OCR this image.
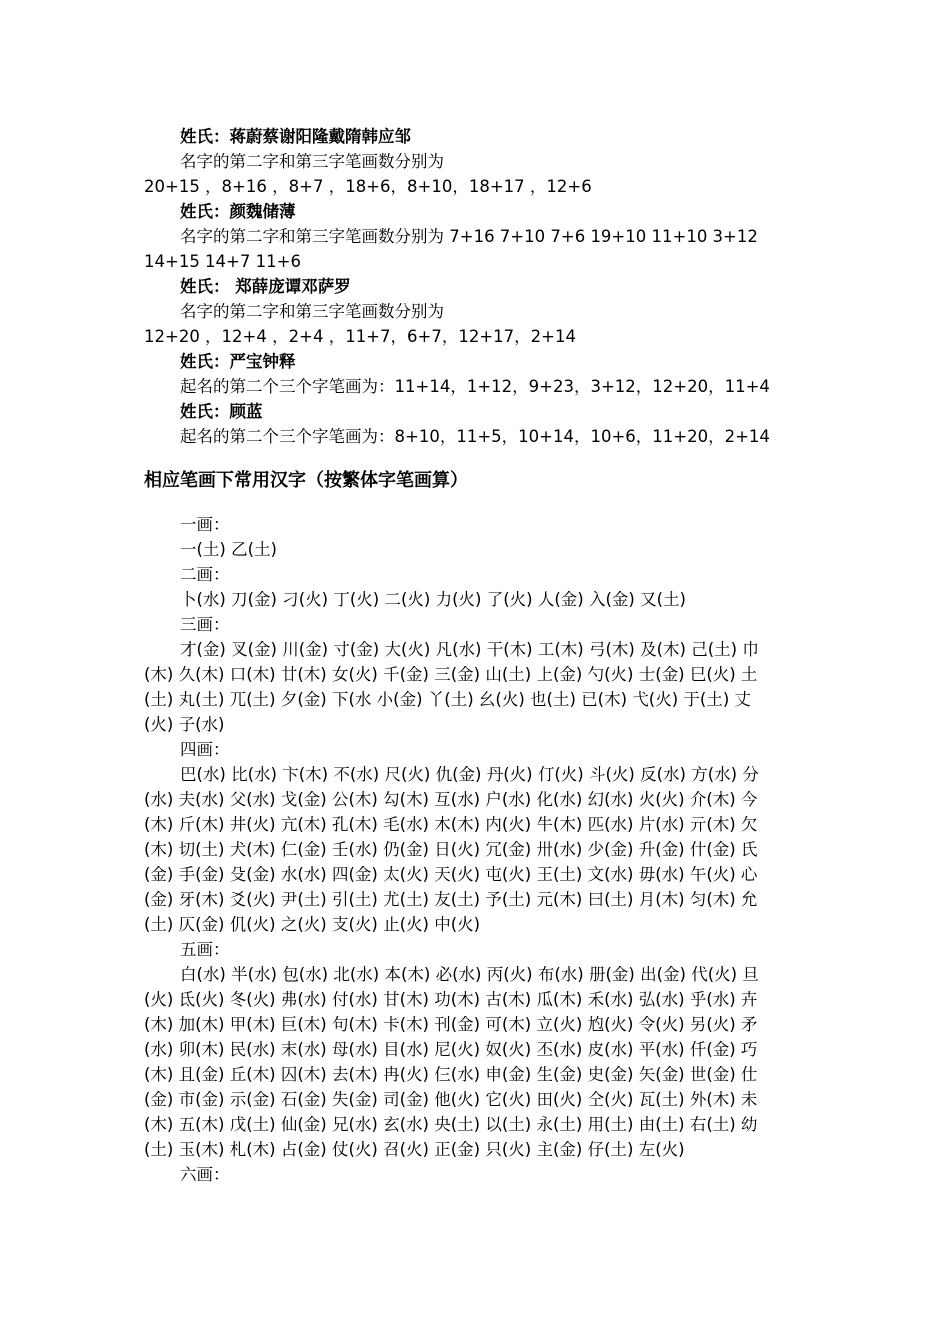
姓氏：蒋蔚蔡谢阳隆戴隋韩应邹
名字的第二字和第三字笔画数分别为
20+15 ，8+16 ，8+7 ，18+6，8+10，18+17 ，12+6
姓氏：颜魏储薄
名字的第二字和第三字笔画数分别为 7+16 7+10 7+6 19+10 11+10 3+12
14+15 14+7 11+6
姓氏： 郑薛庞谭邓萨罗
名字的第二字和第三字笔画数分别为
12+20 ，12+4 ，2+4 ，11+7，6+7，12+17，2+14
姓氏：严宝钟释
起名的第二个三个字笔画为：11+14，1+12，9+23，3+12，12+20，11+4
姓氏：顾蓝
起名的第二个三个字笔画为：8+10，11+5，10+14，10+6，11+20，2+14
相应笔画下常用汉字（按繁体字笔画算）
一画：
一(土) 乙(土)
二画：
卜(水) 刀(金) 刁(火) 丁(火) 二(火) 力(火) 了(火) 人(金) 入(金) 又(土)
三画：
才(金) 叉(金) 川(金) 寸(金) 大(火) 凡(水) 干(木) 工(木) 弓(木) 及(木) 己(土) 巾
(木) 久(木) 口(木) 廿(木) 女(火) 千(金) 三(金) 山(土) 上(金) 勺(火) 士(金) 巳(火) 土
(土) 丸(土) 兀(土) 夕(金) 下(水 小(金) 丫(土) 幺(火) 也(土) 已(木) 弋(火) 于(土) 丈
(火) 子(水)
四画：
巴(水) 比(水) 卞(木) 不(水) 尺(火) 仇(金) 丹(火) 仃(火) 斗(火) 反(水) 方(水) 分
(水) 夫(水) 父(水) 戈(金) 公(木) 勾(木) 互(水) 户(水) 化(水) 幻(水) 火(火) 介(木) 今
(木) 斤(木) 井(火) 亢(木) 孔(木) 毛(水) 木(木) 内(火) 牛(木) 匹(水) 片(水) 亓(木) 欠
(木) 切(土) 犬(木) 仁(金) 壬(水) 仍(金) 日(火) 冗(金) 卅(水) 少(金) 升(金) 什(金) 氏
(金) 手(金) 殳(金) 水(水) 四(金) 太(火) 天(火) 屯(火) 王(土) 文(水) 毋(水) 午(火) 心
(金) 牙(木) 爻(火) 尹(土) 引(土) 尤(土) 友(土) 予(土) 元(木) 曰(土) 月(木) 匀(木) 允
(土) 仄(金) 仉(火) 之(火) 支(火) 止(火) 中(火)
五画：
白(水) 半(水) 包(水) 北(水) 本(木) 必(水) 丙(火) 布(水) 册(金) 出(金) 代(火) 旦
(火) 氐(火) 冬(火) 弗(水) 付(水) 甘(木) 功(木) 古(木) 瓜(木) 禾(水) 弘(水) 乎(水) 卉
(木) 加(木) 甲(木) 巨(木) 句(木) 卡(木) 刊(金) 可(木) 立(火) 尥(火) 令(火) 另(火) 矛
(水) 卯(木) 民(水) 末(水) 母(水) 目(水) 尼(火) 奴(火) 丕(水) 皮(水) 平(水) 仟(金) 巧
(木) 且(金) 丘(木) 囚(木) 去(木) 冉(火) 仨(水) 申(金) 生(金) 史(金) 矢(金) 世(金) 仕
(金) 市(金) 示(金) 石(金) 失(金) 司(金) 他(火) 它(火) 田(火) 仝(火) 瓦(土) 外(木) 未
(木) 五(木) 戊(土) 仙(金) 兄(水) 玄(水) 央(土) 以(土) 永(土) 用(土) 由(土) 右(土) 幼
(土) 玉(木) 札(木) 占(金) 仗(火) 召(火) 正(金) 只(火) 主(金) 仔(土) 左(火)
六画：
